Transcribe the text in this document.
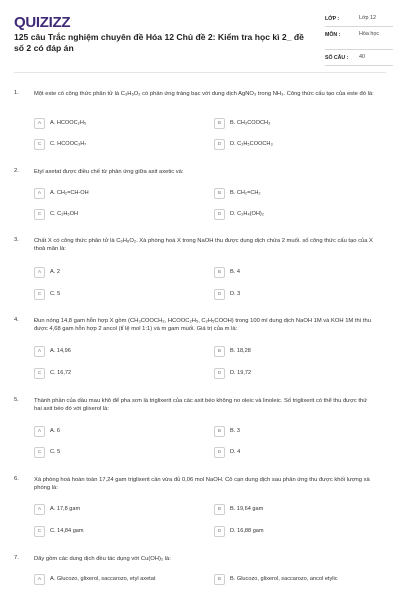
QUIZIZZ
125 câu Trắc nghiệm chuyên đề Hóa 12 Chủ đề 2: Kiểm tra học kì 2_ đề số 2 có đáp án
LỚP :	Lớp 12
MÔN :	Hóa học
SỐ CÂU : 40
1.	Một este có công thức phân tử là C₃H₆O₂ có phản ứng tráng bạc với dung dịch AgNO₃ trong NH₃. Công thức cấu tạo của este đó là:
A	A. HCOOC₂H₅	B	B. CH₃COOCH₃
C	C. HCOOC₃H₇	D	D. C₂H₅COOCH₃
2.	Etyl axetat được điều chế từ phản ứng giữa axit axetic và:
A	A. CH₂=CH-OH	B	B. CH₂=CH₂
C	C. C₂H₅OH	D	D. C₂H₄(OH)₂
3.	Chất X có công thức phân tử là C₆H₈O₂. Xà phòng hoá X trong NaOH thu được dung dịch chứa 2 muối. số công thức cấu tạo của X thoả mãn là:
A	A. 2	B	B. 4
C	C. 5	D	D. 3
4.	Đun nóng 14,8 gam hỗn hợp X gồm (CH₃COOCH₃, HCOOC₂H₅, C₂H₅COOH) trong 100 ml dung dịch NaOH 1M và KOH 1M thì thu được 4,68 gam hỗn hợp 2 ancol (tỉ lệ mol 1:1) và m gam muối. Giá trị của m là:
A	A. 14,96	B	B. 18,28
C	C. 16,72	D	D. 19,72
5.	Thành phần của dầu mau khô để pha sơn là triglixerit của các axit béo không no oleic và linoleic. Số triglixerit có thể thu được thứ hai axit béo đó với glixerol là:
A	A. 6	B	B. 3
C	C. 5	D	D. 4
6.	Xà phòng hoá hoàn toàn 17,24 gam triglixerit cần vừa đủ 0,06 mol NaOH. Cô cạn dung dịch sau phản ứng thu được khối lượng xà phòng là:
A	A. 17,8 gam	B	B. 19,64 gam
C	C. 14,84 gam	D	D. 16,88 gam
7.	Dãy gồm các dung dịch đều tác dụng với Cu(OH)₂ là:
A	A. Glucozo, glixerol, saccarozo, etyl axetat	B	B. Glucozo, glixerol, saccarozo, ancol etylic
